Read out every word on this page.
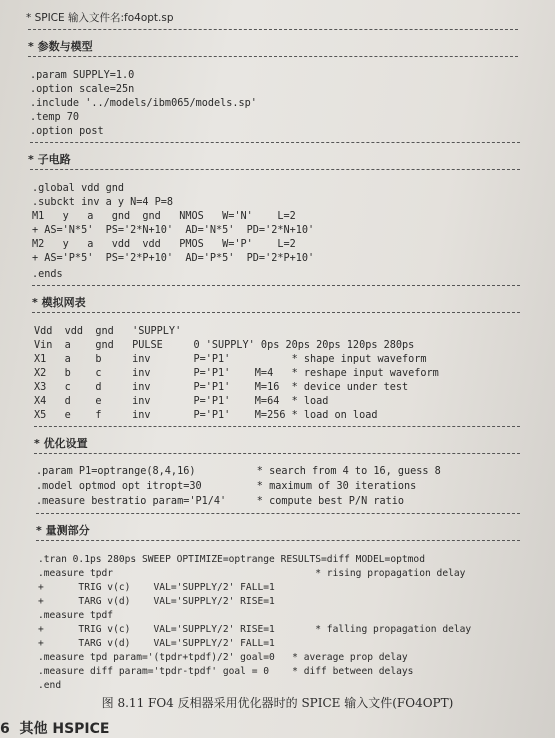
* SPICE 输入文件名:fo4opt.sp
* 参数与模型
.param SUPPLY=1.0
.option scale=25n
.include '../models/ibm065/models.sp'
.temp 70
.option post
* 子电路
.global vdd gnd
.subckt inv a y N=4 P=8
M1   y   a   gnd  gnd   NMOS   W='N'    L=2
+ AS='N*5'  PS='2*N+10'  AD='N*5'  PD='2*N+10'
M2   y   a   vdd  vdd   PMOS   W='P'    L=2
+ AS='P*5'  PS='2*P+10'  AD='P*5'  PD='2*P+10'
.ends
* 模拟网表
Vdd  vdd  gnd   'SUPPLY'
Vin  a    gnd   PULSE     0 'SUPPLY' 0ps 20ps 20ps 120ps 280ps
X1   a    b     inv       P='P1'          * shape input waveform
X2   b    c     inv       P='P1'    M=4   * reshape input waveform
X3   c    d     inv       P='P1'    M=16  * device under test
X4   d    e     inv       P='P1'    M=64  * load
X5   e    f     inv       P='P1'    M=256 * load on load
* 优化设置
.param P1=optrange(8,4,16)          * search from 4 to 16, guess 8
.model optmod opt itropt=30         * maximum of 30 iterations
.measure bestratio param='P1/4'     * compute best P/N ratio
* 量测部分
.tran 0.1ps 280ps SWEEP OPTIMIZE=optrange RESULTS=diff MODEL=optmod
.measure tpdr                                   * rising propagation delay
+      TRIG v(c)    VAL='SUPPLY/2' FALL=1
+      TARG v(d)    VAL='SUPPLY/2' RISE=1
.measure tpdf
+      TRIG v(c)    VAL='SUPPLY/2' RISE=1       * falling propagation delay
+      TARG v(d)    VAL='SUPPLY/2' FALL=1
.measure tpd param='(tpdr+tpdf)/2' goal=0   * average prop delay
.measure diff param='tpdr-tpdf' goal = 0    * diff between delays
.end
图 8.11 FO4 反相器采用优化器时的 SPICE 输入文件(FO4OPT)
6  其他 HSPICE
